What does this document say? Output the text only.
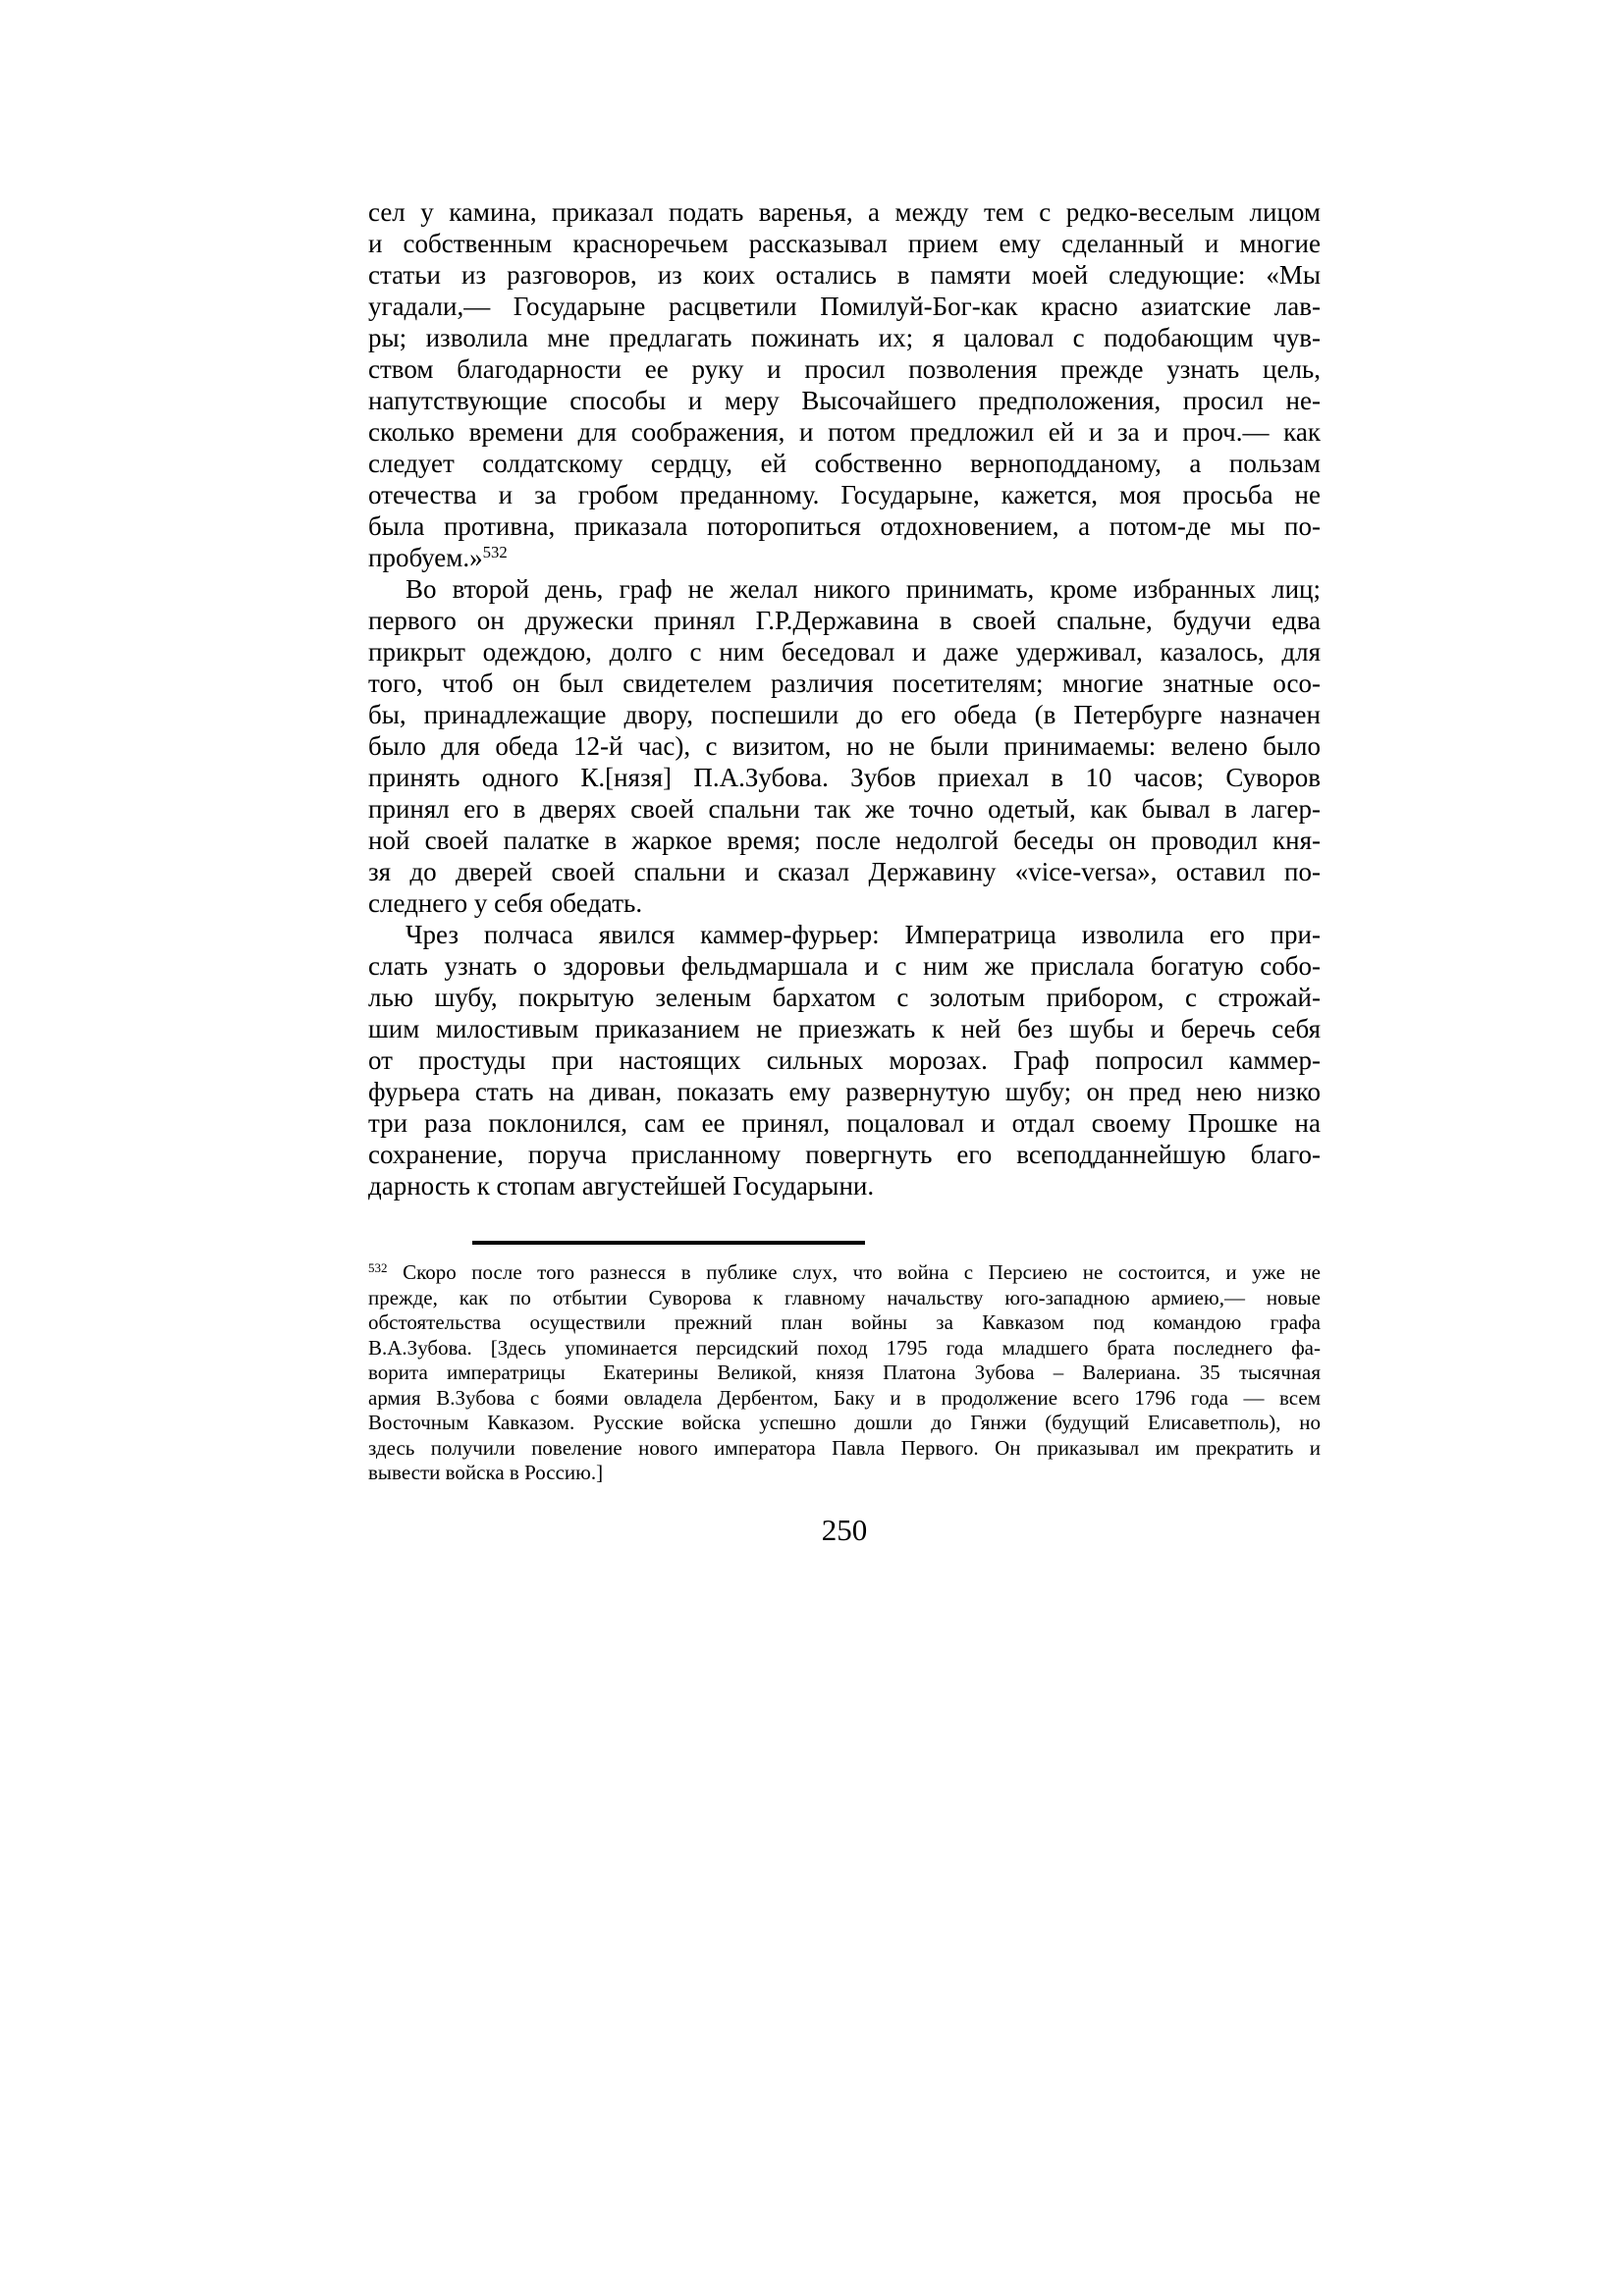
сел у камина, приказал подать варенья, а между тем с редко-веселым лицом
и собственным красноречьем рассказывал прием ему сделанный и многие
статьи из разговоров, из коих остались в памяти моей следующие: «Мы
угадали,— Государыне расцветили Помилуй-Бог-как красно азиатские лав-
ры; изволила мне предлагать пожинать их; я цаловал с подобающим чув-
ством благодарности ее руку и просил позволения прежде узнать цель,
напутствующие способы и меру Высочайшего предположения, просил не-
сколько времени для соображения, и потом предложил ей и за и проч.— как
следует солдатскому сердцу, ей собственно верноподданому, а пользам
отечества и за гробом преданному. Государыне, кажется, моя просьба не
была противна, приказала поторопиться отдохновением, а потом-де мы по-
пробуем.»$^{532}$
Во второй день, граф не желал никого принимать, кроме избранных лиц;
первого он дружески принял Г.Р.Державина в своей спальне, будучи едва
прикрыт одеждою, долго с ним беседовал и даже удерживал, казалось, для
того, чтоб он был свидетелем различия посетителям; многие знатные осо-
бы, принадлежащие двору, поспешили до его обеда (в Петербурге назначен
было для обеда 12-й час), с визитом, но не были принимаемы: велено было
принять одного К.[нязя] П.А.Зубова. Зубов приехал в 10 часов; Суворов
принял его в дверях своей спальни так же точно одетый, как бывал в лагер-
ной своей палатке в жаркое время; после недолгой беседы он проводил кня-
зя до дверей своей спальни и сказал Державину «vice-versa», оставил по-
следнего у себя обедать.
Чрез полчаса явился каммер-фурьер: Императрица изволила его при-
слать узнать о здоровьи фельдмаршала и с ним же прислала богатую собо-
лью шубу, покрытую зеленым бархатом с золотым прибором, с строжай-
шим милостивым приказанием не приезжать к ней без шубы и беречь себя
от простуды при настоящих сильных морозах. Граф попросил каммер-
фурьера стать на диван, показать ему развернутую шубу; он пред нею низко
три раза поклонился, сам ее принял, поцаловал и отдал своему Прошке на
сохранение, поруча присланному повергнуть его всеподданнейшую благо-
дарность к стопам августейшей Государыни.
$^{532}$ Скоро после того разнесся в публике слух, что война с Персиею не состоится, и уже не
прежде, как по отбытии Суворова к главному начальству юго-западною армиею,— новые
обстоятельства осуществили прежний план войны за Кавказом под командою графа
В.А.Зубова. [Здесь упоминается персидский поход 1795 года младшего брата последнего фа-
ворита императрицы  Екатерины Великой, князя Платона Зубова – Валериана. 35 тысячная
армия В.Зубова с боями овладела Дербентом, Баку и в продолжение всего 1796 года — всем
Восточным Кавказом. Русские войска успешно дошли до Гянжи (будущий Елисаветполь), но
здесь получили повеление нового императора Павла Первого. Он приказывал им прекратить и
вывести войска в Россию.]
250
